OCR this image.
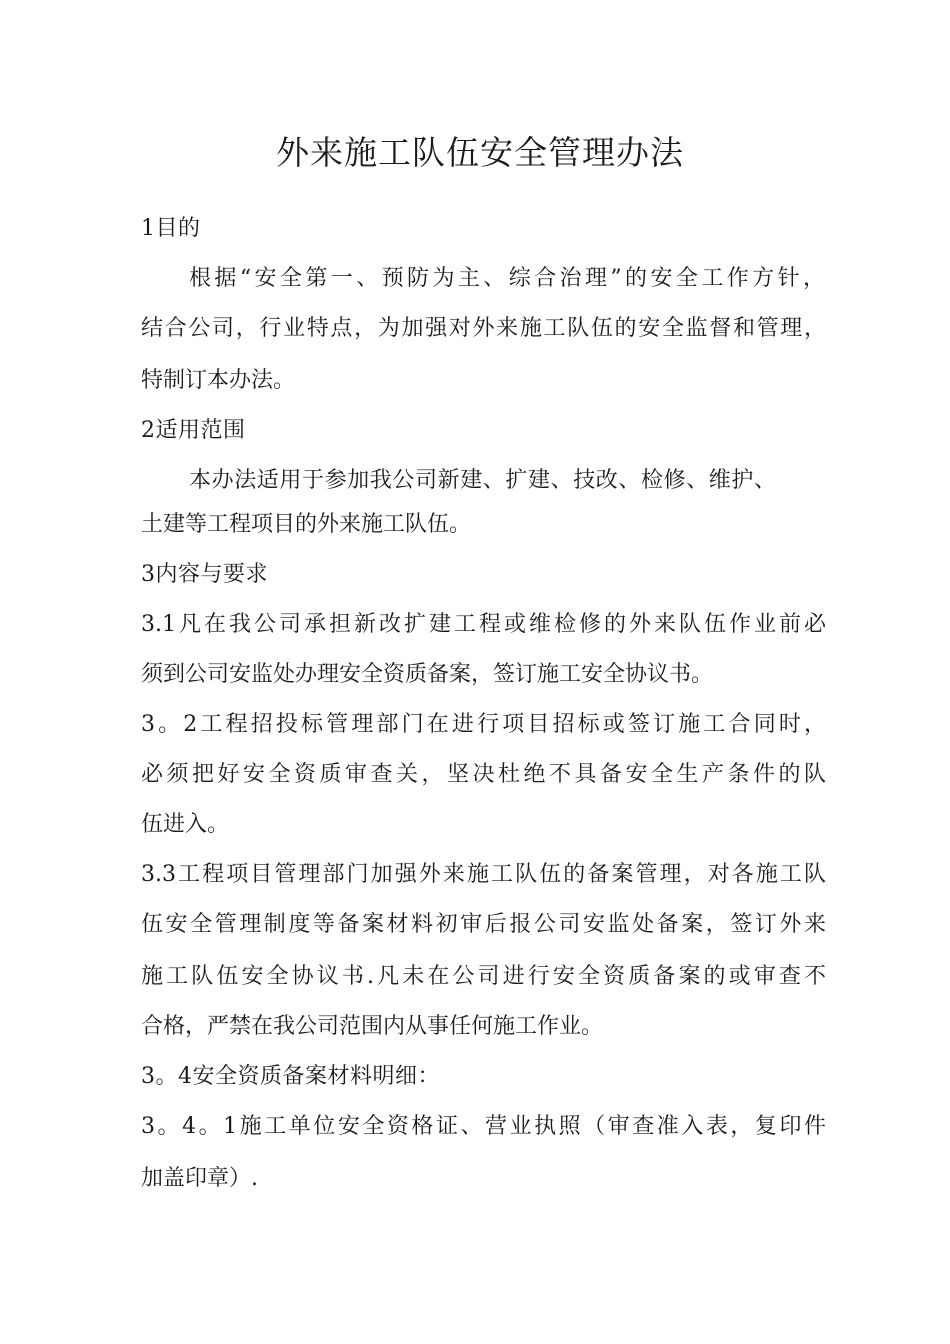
外来施工队伍安全管理办法
1目的
根据“安全第一、预防为主、综合治理”的安全工作方针，
结合公司，行业特点，为加强对外来施工队伍的安全监督和管理，
特制订本办法。
2适用范围
本办法适用于参加我公司新建、扩建、技改、检修、维护、
土建等工程项目的外来施工队伍。
3内容与要求
3.1凡在我公司承担新改扩建工程或维检修的外来队伍作业前必
须到公司安监处办理安全资质备案，签订施工安全协议书。
3。2工程招投标管理部门在进行项目招标或签订施工合同时，
必须把好安全资质审查关，坚决杜绝不具备安全生产条件的队
伍进入。
3.3工程项目管理部门加强外来施工队伍的备案管理，对各施工队
伍安全管理制度等备案材料初审后报公司安监处备案，签订外来
施工队伍安全协议书.凡未在公司进行安全资质备案的或审查不
合格，严禁在我公司范围内从事任何施工作业。
3。4安全资质备案材料明细：
3。4。1施工单位安全资格证、营业执照（审查准入表，复印件
加盖印章）.
